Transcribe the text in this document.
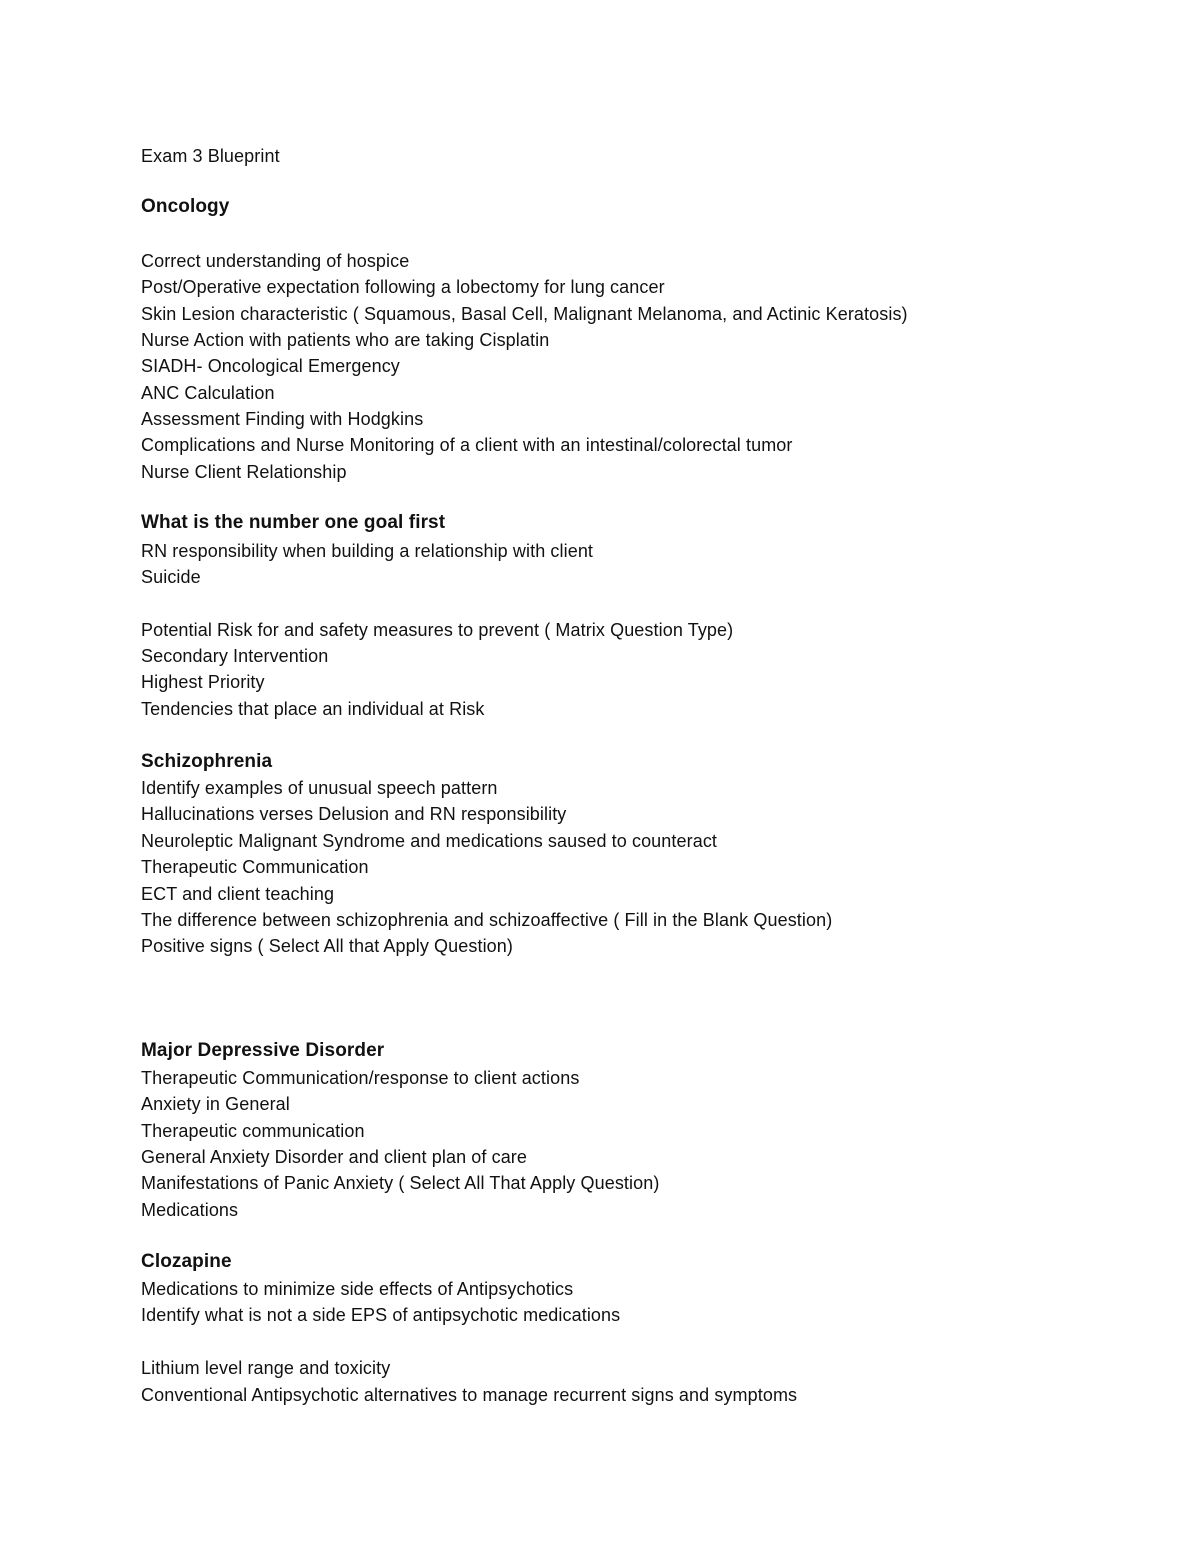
Exam 3 Blueprint
Oncology
Correct understanding of hospice
Post/Operative expectation following a lobectomy for lung cancer
Skin Lesion characteristic ( Squamous, Basal Cell, Malignant Melanoma, and Actinic Keratosis)
Nurse Action with patients who are taking Cisplatin
SIADH- Oncological Emergency
ANC Calculation
Assessment Finding with Hodgkins
Complications and Nurse Monitoring of a client with an intestinal/colorectal tumor
Nurse Client Relationship
What is the number one goal first
RN responsibility when building a relationship with client
Suicide
Potential Risk for and safety measures to prevent ( Matrix Question Type)
Secondary Intervention
Highest Priority
Tendencies that place an individual at Risk
Schizophrenia
Identify examples of unusual speech pattern
Hallucinations verses Delusion and RN responsibility
Neuroleptic Malignant Syndrome and medications saused to counteract
Therapeutic Communication
ECT and client teaching
The difference between schizophrenia and schizoaffective ( Fill in the Blank Question)
Positive signs ( Select All that Apply Question)
Major Depressive Disorder
Therapeutic Communication/response to client actions
Anxiety in General
Therapeutic communication
General Anxiety Disorder and client plan of care
Manifestations of Panic Anxiety ( Select All That Apply Question)
Medications
Clozapine
Medications to minimize side effects of Antipsychotics
Identify what is not a side EPS of antipsychotic medications
Lithium level range and toxicity
Conventional Antipsychotic alternatives to manage recurrent signs and symptoms
